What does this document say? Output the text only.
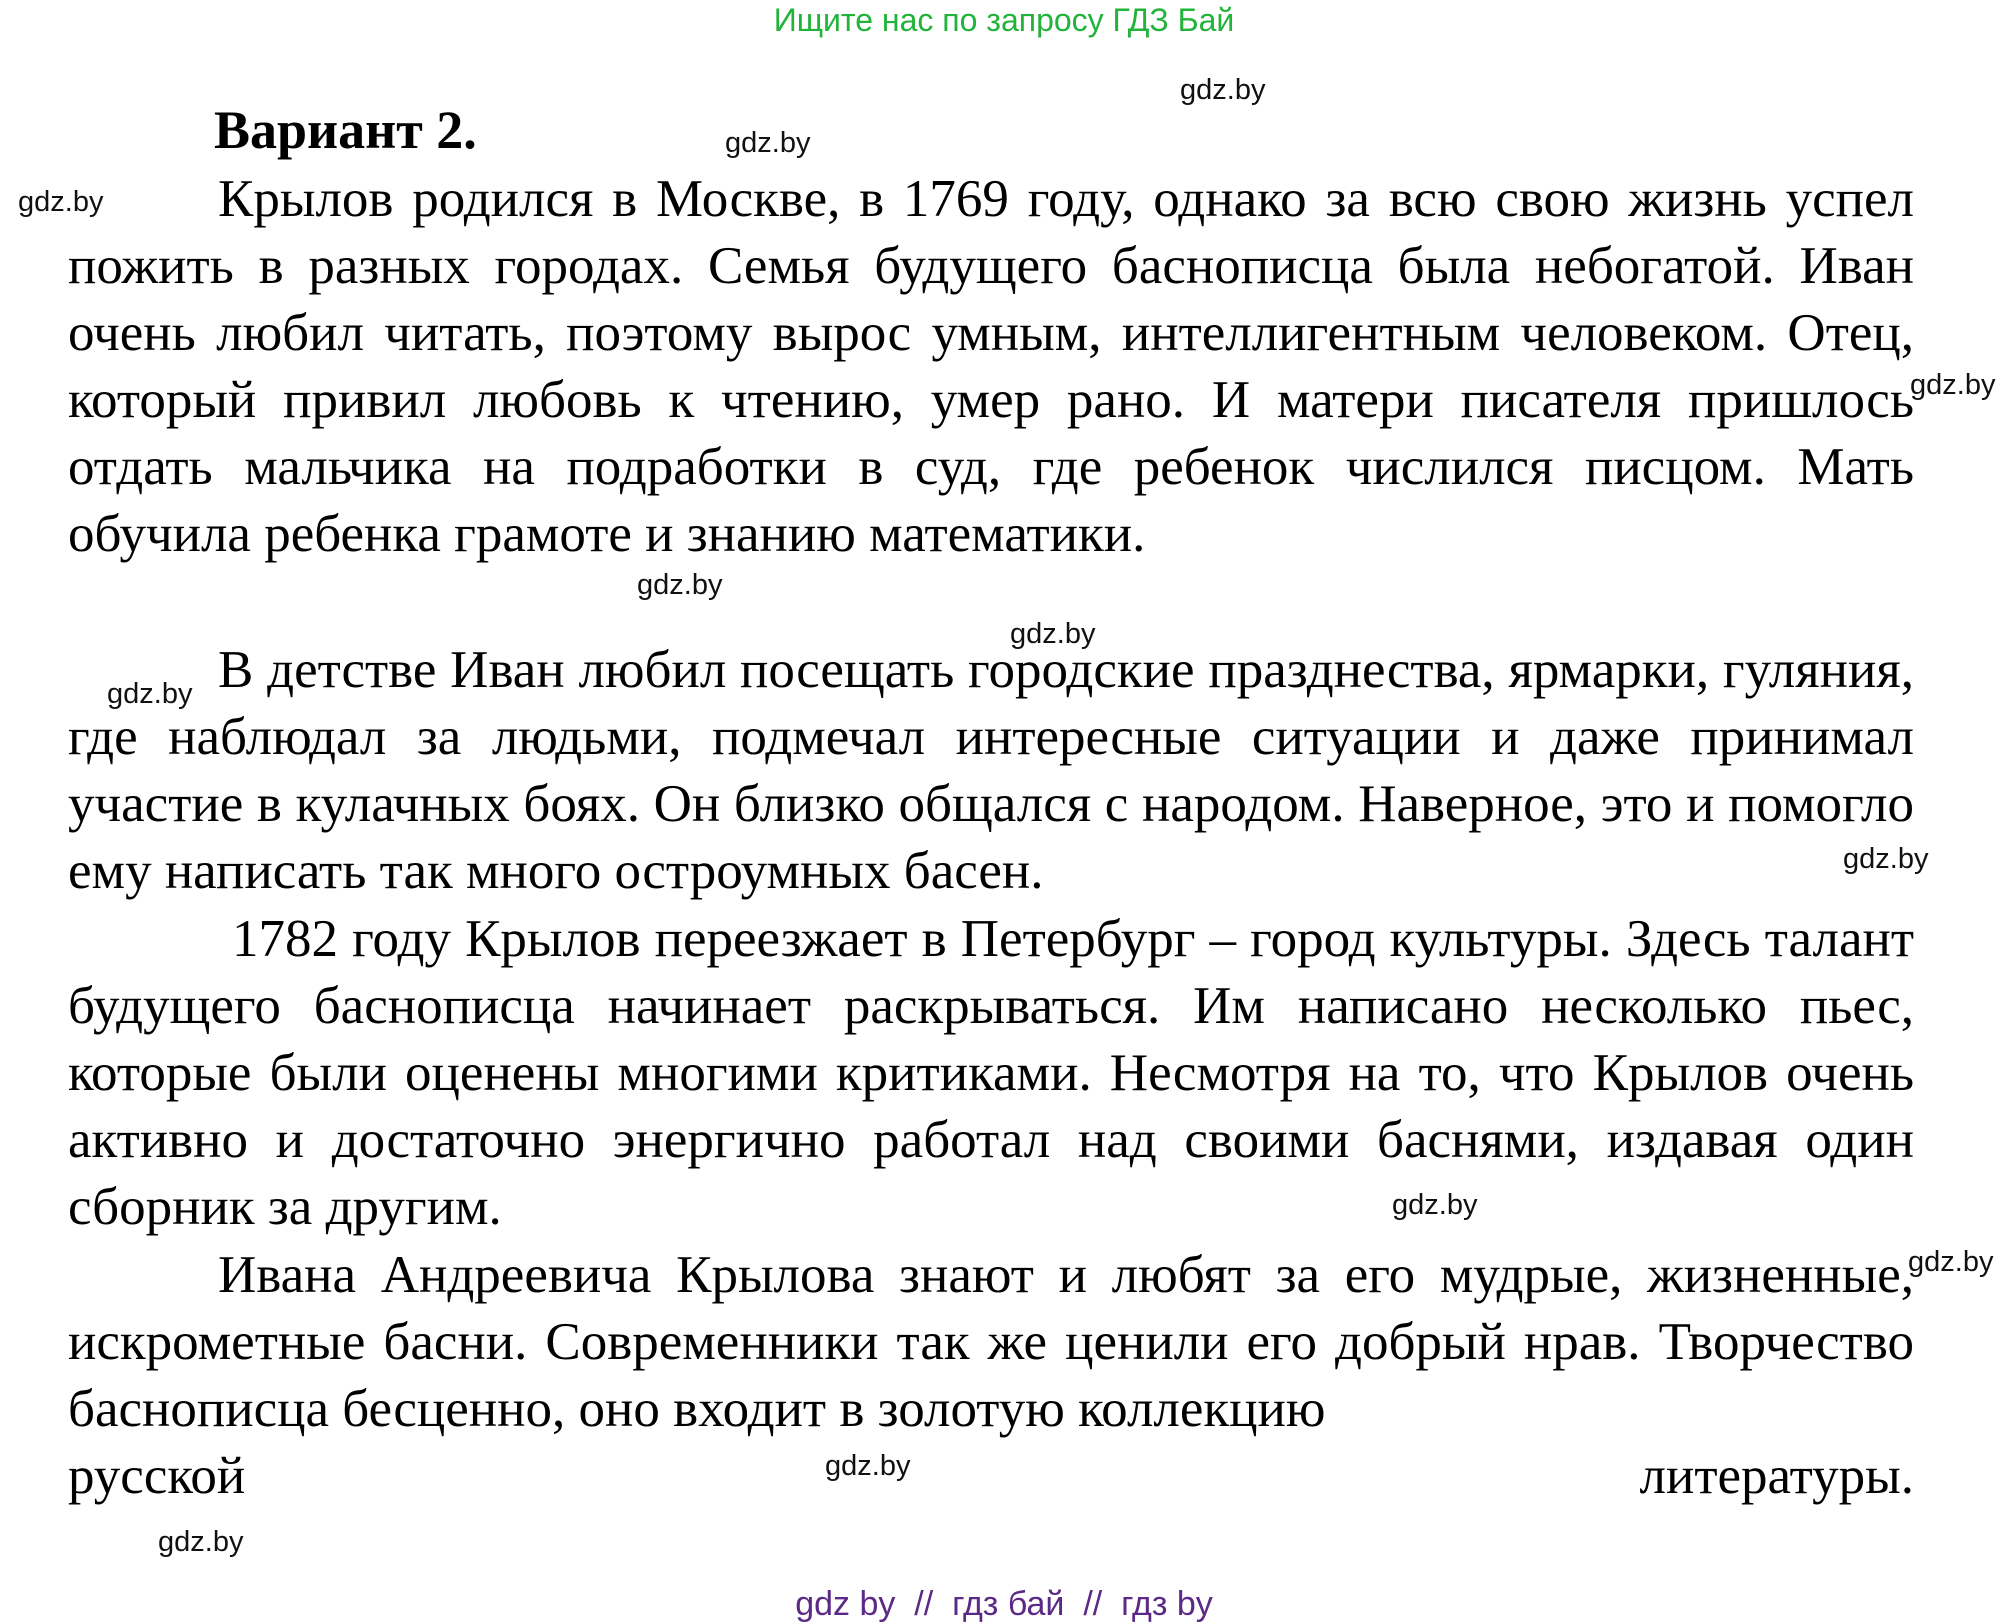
Ищите нас по запросу ГДЗ Бай
Вариант 2.

Крылов родился в Москве, в 1769 году, однако за всю свою жизнь успел пожить в разных городах. Семья будущего баснописца была небогатой. Иван очень любил читать, поэтому вырос умным, интеллигентным человеком. Отец, который привил любовь к чтению, умер рано. И матери писателя пришлось отдать мальчика на подработки в суд, где ребенок числился писцом. Мать обучила ребенка грамоте и знанию математики.

В детстве Иван любил посещать городские празднества, ярмарки, гуляния, где наблюдал за людьми, подмечал интересные ситуации и даже принимал участие в кулачных боях. Он близко общался с народом. Наверное, это и помогло ему написать так много остроумных басен.

1782 году Крылов переезжает в Петербург – город культуры. Здесь талант будущего баснописца начинает раскрываться. Им написано несколько пьес, которые были оценены многими критиками. Несмотря на то, что Крылов очень активно и достаточно энергично работал над своими баснями, издавая один сборник за другим.

Ивана Андреевича Крылова знают и любят за его мудрые, жизненные, искрометные басни. Современники так же ценили его добрый нрав. Творчество баснописца бесценно, оно входит в золотую коллекцию

русской	литературы.
gdz.by
gdz.by
gdz.by
gdz.by
gdz.by
gdz.by
gdz.by
gdz.by
gdz.by
gdz.by
gdz.by
gdz.by
gdz by  //  гдз бай  //  гдз by
